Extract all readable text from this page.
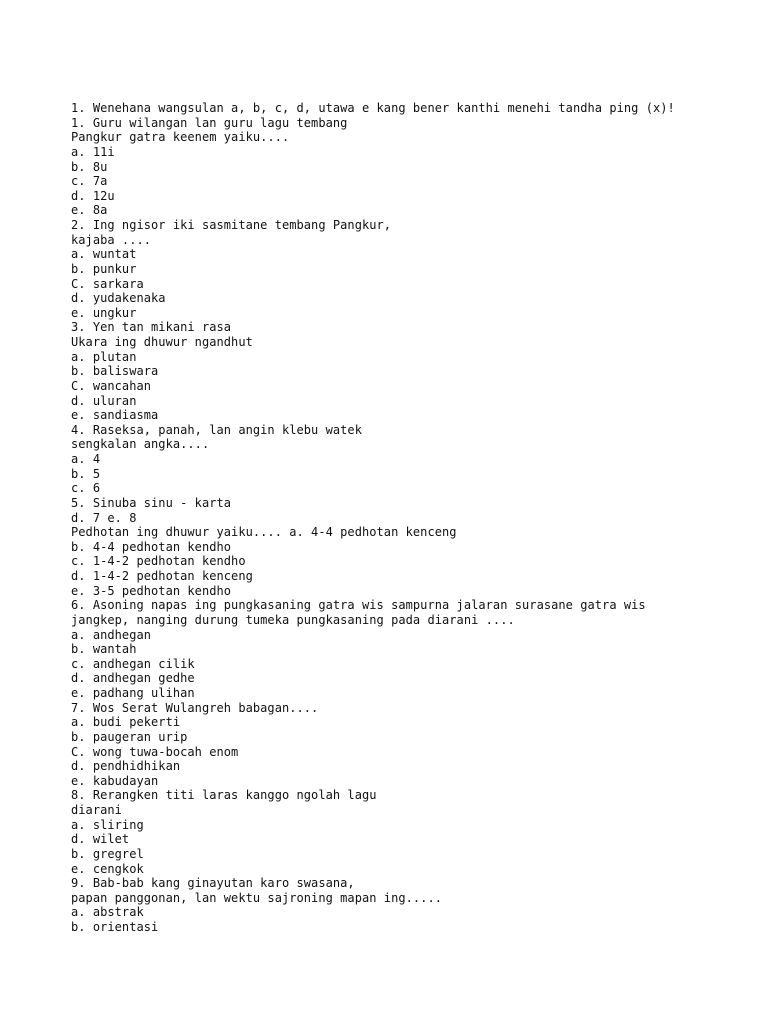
1. Wenehana wangsulan a, b, c, d, utawa e kang bener kanthi menehi tandha ping (x)!
1. Guru wilangan lan guru lagu tembang
Pangkur gatra keenem yaiku....
a. 11i
b. 8u
c. 7a
d. 12u
e. 8a
2. Ing ngisor iki sasmitane tembang Pangkur,
kajaba ....
a. wuntat
b. punkur
C. sarkara
d. yudakenaka
e. ungkur
3. Yen tan mikani rasa
Ukara ing dhuwur ngandhut
a. plutan
b. baliswara
C. wancahan
d. uluran
e. sandiasma
4. Raseksa, panah, lan angin klebu watek
sengkalan angka....
a. 4
b. 5
c. 6
5. Sinuba sinu - karta
d. 7 e. 8
Pedhotan ing dhuwur yaiku.... a. 4-4 pedhotan kenceng
b. 4-4 pedhotan kendho
c. 1-4-2 pedhotan kendho
d. 1-4-2 pedhotan kenceng
e. 3-5 pedhotan kendho
6. Asoning napas ing pungkasaning gatra wis sampurna jalaran surasane gatra wis
jangkep, nanging durung tumeka pungkasaning pada diarani ....
a. andhegan
b. wantah
c. andhegan cilik
d. andhegan gedhe
e. padhang ulihan
7. Wos Serat Wulangreh babagan....
a. budi pekerti
b. paugeran urip
C. wong tuwa-bocah enom
d. pendhidhikan
e. kabudayan
8. Rerangken titi laras kanggo ngolah lagu
diarani
a. sliring
d. wilet
b. gregrel
e. cengkok
9. Bab-bab kang ginayutan karo swasana,
papan panggonan, lan wektu sajroning mapan ing.....
a. abstrak
b. orientasi
